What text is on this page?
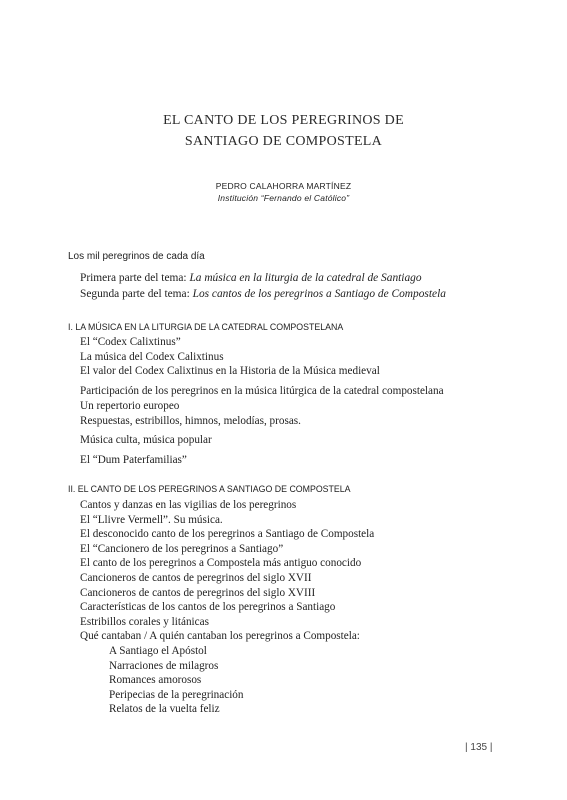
EL CANTO DE LOS PEREGRINOS DE
SANTIAGO DE COMPOSTELA
PEDRO CALAHORRA MARTÍNEZ
Institución “Fernando el Católico”
Los mil peregrinos de cada día
Primera parte del tema: La música en la liturgia de la catedral de Santiago
Segunda parte del tema: Los cantos de los peregrinos a Santiago de Compostela
I. LA MÚSICA EN LA LITURGIA DE LA CATEDRAL COMPOSTELANA
El “Codex Calixtinus”
La música del Codex Calixtinus
El valor del Codex Calixtinus en la Historia de la Música medieval
Participación de los peregrinos en la música litúrgica de la catedral compostelana
Un repertorio europeo
Respuestas, estribillos, himnos, melodías, prosas.
Música culta, música popular
El “Dum Paterfamilias”
II. EL CANTO DE LOS PEREGRINOS A SANTIAGO DE COMPOSTELA
Cantos y danzas en las vigilias de los peregrinos
El “Llivre Vermell”. Su música.
El desconocido canto de los peregrinos a Santiago de Compostela
El “Cancionero de los peregrinos a Santiago”
El canto de los peregrinos a Compostela más antiguo conocido
Cancioneros de cantos de peregrinos del siglo XVII
Cancioneros de cantos de peregrinos del siglo XVIII
Características de los cantos de los peregrinos a Santiago
Estribillos corales y litánicas
Qué cantaban / A quién cantaban los peregrinos a Compostela:
A Santiago el Apóstol
Narraciones de milagros
Romances amorosos
Peripecias de la peregrinación
Relatos de la vuelta feliz
| 135 |
